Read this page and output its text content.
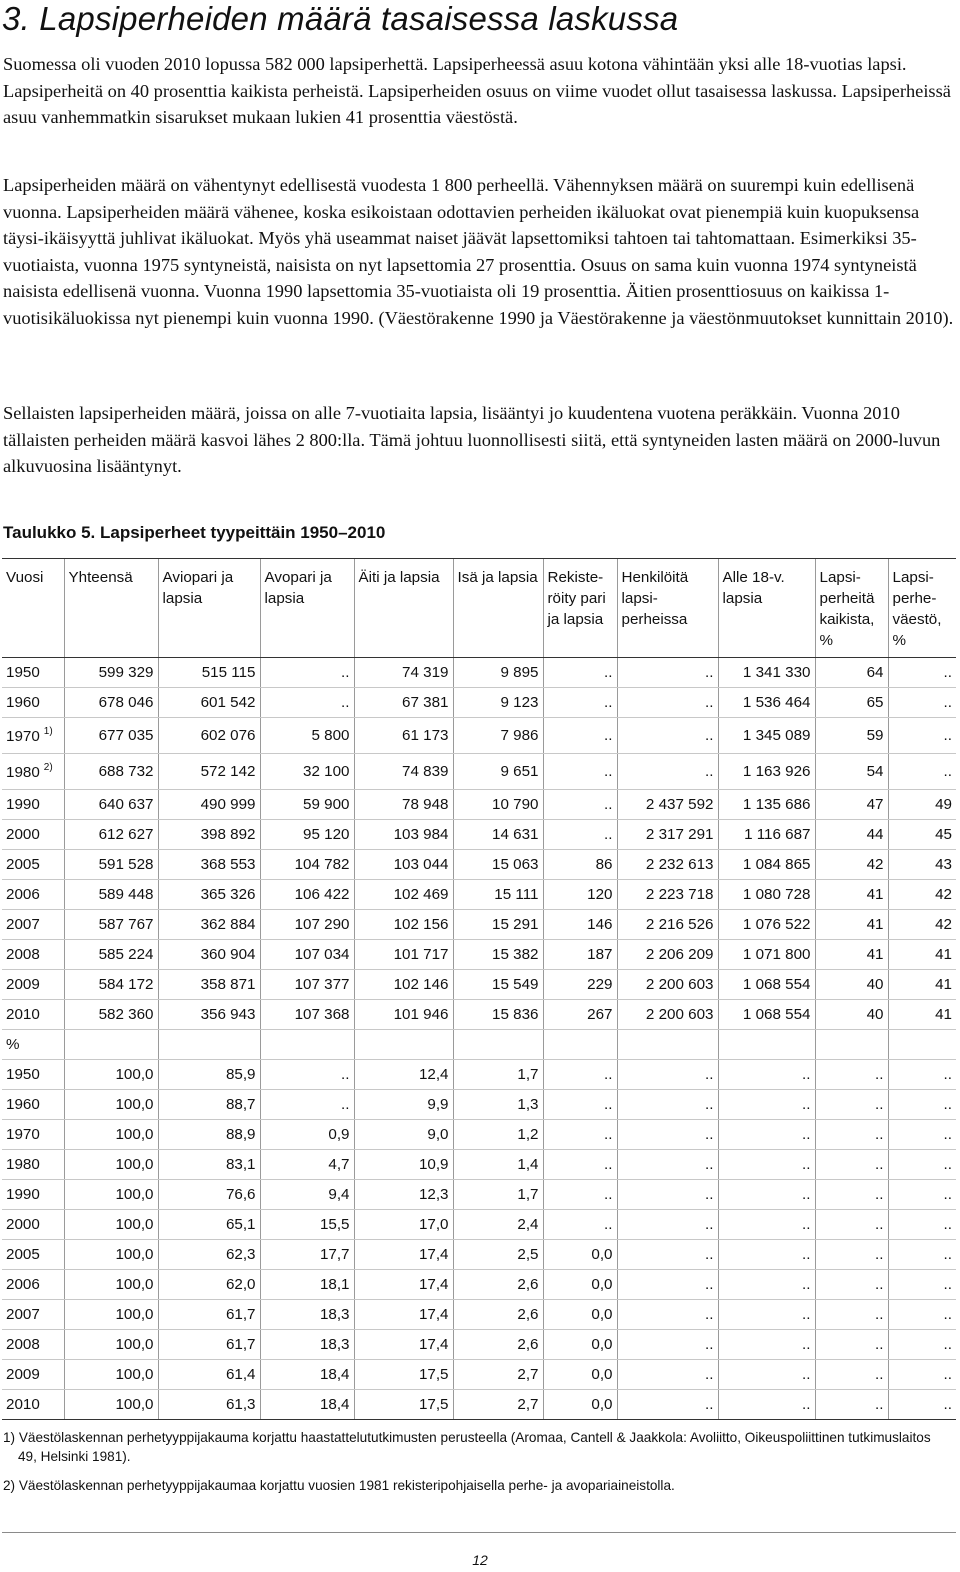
3. Lapsiperheiden määrä tasaisessa laskussa

Suomessa oli vuoden 2010 lopussa 582 000 lapsiperhettä. Lapsiperheessä asuu kotona vähintään yksi alle 18-vuotias lapsi. Lapsiperheitä on 40 prosenttia kaikista perheistä. Lapsiperheiden osuus on viime vuodet ollut tasaisessa laskussa. Lapsiperheissä asuu vanhemmatkin sisarukset mukaan lukien 41 prosenttia väestöstä.

Lapsiperheiden määrä on vähentynyt edellisestä vuodesta 1 800 perheellä. Vähennyksen määrä on suurempi kuin edellisenä vuonna. Lapsiperheiden määrä vähenee, koska esikoistaan odottavien perheiden ikäluokat ovat pienempiä kuin kuopuksensa täysi-ikäisyyttä juhlivat ikäluokat. Myös yhä useammat naiset jäävät lapsettomiksi tahtoen tai tahtomattaan. Esimerkiksi 35-vuotiaista, vuonna 1975 syntyneistä, naisista on nyt lapsettomia 27 prosenttia. Osuus on sama kuin vuonna 1974 syntyneistä naisista edellisenä vuonna. Vuonna 1990 lapsettomia 35-vuotiaista oli 19 prosenttia. Äitien prosenttiosuus on kaikissa 1-vuotisikäluokissa nyt pienempi kuin vuonna 1990. (Väestörakenne 1990 ja Väestörakenne ja väestönmuutokset kunnittain 2010).

Sellaisten lapsiperheiden määrä, joissa on alle 7-vuotiaita lapsia, lisääntyi jo kuudentena vuotena peräkkäin. Vuonna 2010 tällaisten perheiden määrä kasvoi lähes 2 800:lla. Tämä johtuu luonnollisesti siitä, että syntyneiden lasten määrä on 2000-luvun alkuvuosina lisääntynyt.

Taulukko 5. Lapsiperheet tyypeittäin 1950–2010
Vuosi	Yhteensä	Aviopari ja lapsia	Avopari ja lapsia	Äiti ja lapsia	Isä ja lapsia	Rekiste-röity pari ja lapsia	Henkilöitä lapsi-perheissa	Alle 18-v. lapsia	Lapsi-perheitä kaikista, %	Lapsi-perhe-väestö, %
1950	599 329	515 115	..	74 319	9 895	..	..	1 341 330	64	..
1960	678 046	601 542	..	67 381	9 123	..	..	1 536 464	65	..
1970 $^{1)}$	677 035	602 076	5 800	61 173	7 986	..	..	1 345 089	59	..
1980 $^{2)}$	688 732	572 142	32 100	74 839	9 651	..	..	1 163 926	54	..
1990	640 637	490 999	59 900	78 948	10 790	..	2 437 592	1 135 686	47	49
2000	612 627	398 892	95 120	103 984	14 631	..	2 317 291	1 116 687	44	45
2005	591 528	368 553	104 782	103 044	15 063	86	2 232 613	1 084 865	42	43
2006	589 448	365 326	106 422	102 469	15 111	120	2 223 718	1 080 728	41	42
2007	587 767	362 884	107 290	102 156	15 291	146	2 216 526	1 076 522	41	42
2008	585 224	360 904	107 034	101 717	15 382	187	2 206 209	1 071 800	41	41
2009	584 172	358 871	107 377	102 146	15 549	229	2 200 603	1 068 554	40	41
2010	582 360	356 943	107 368	101 946	15 836	267	2 200 603	1 068 554	40	41
%										
1950	100,0	85,9	..	12,4	1,7	..	..	..	..	..
1960	100,0	88,7	..	9,9	1,3	..	..	..	..	..
1970	100,0	88,9	0,9	9,0	1,2	..	..	..	..	..
1980	100,0	83,1	4,7	10,9	1,4	..	..	..	..	..
1990	100,0	76,6	9,4	12,3	1,7	..	..	..	..	..
2000	100,0	65,1	15,5	17,0	2,4	..	..	..	..	..
2005	100,0	62,3	17,7	17,4	2,5	0,0	..	..	..	..
2006	100,0	62,0	18,1	17,4	2,6	0,0	..	..	..	..
2007	100,0	61,7	18,3	17,4	2,6	0,0	..	..	..	..
2008	100,0	61,7	18,3	17,4	2,6	0,0	..	..	..	..
2009	100,0	61,4	18,4	17,5	2,7	0,0	..	..	..	..
2010	100,0	61,3	18,4	17,5	2,7	0,0	..	..	..	..

1) Väestölaskennan perhetyyppijakauma korjattu haastattelututkimusten perusteella (Aromaa, Cantell & Jaakkola: Avoliitto, Oikeuspoliittinen tutkimuslaitos 49, Helsinki 1981).

2) Väestölaskennan perhetyyppijakaumaa korjattu vuosien 1981 rekisteripohjaisella perhe- ja avopariaineistolla.

12
